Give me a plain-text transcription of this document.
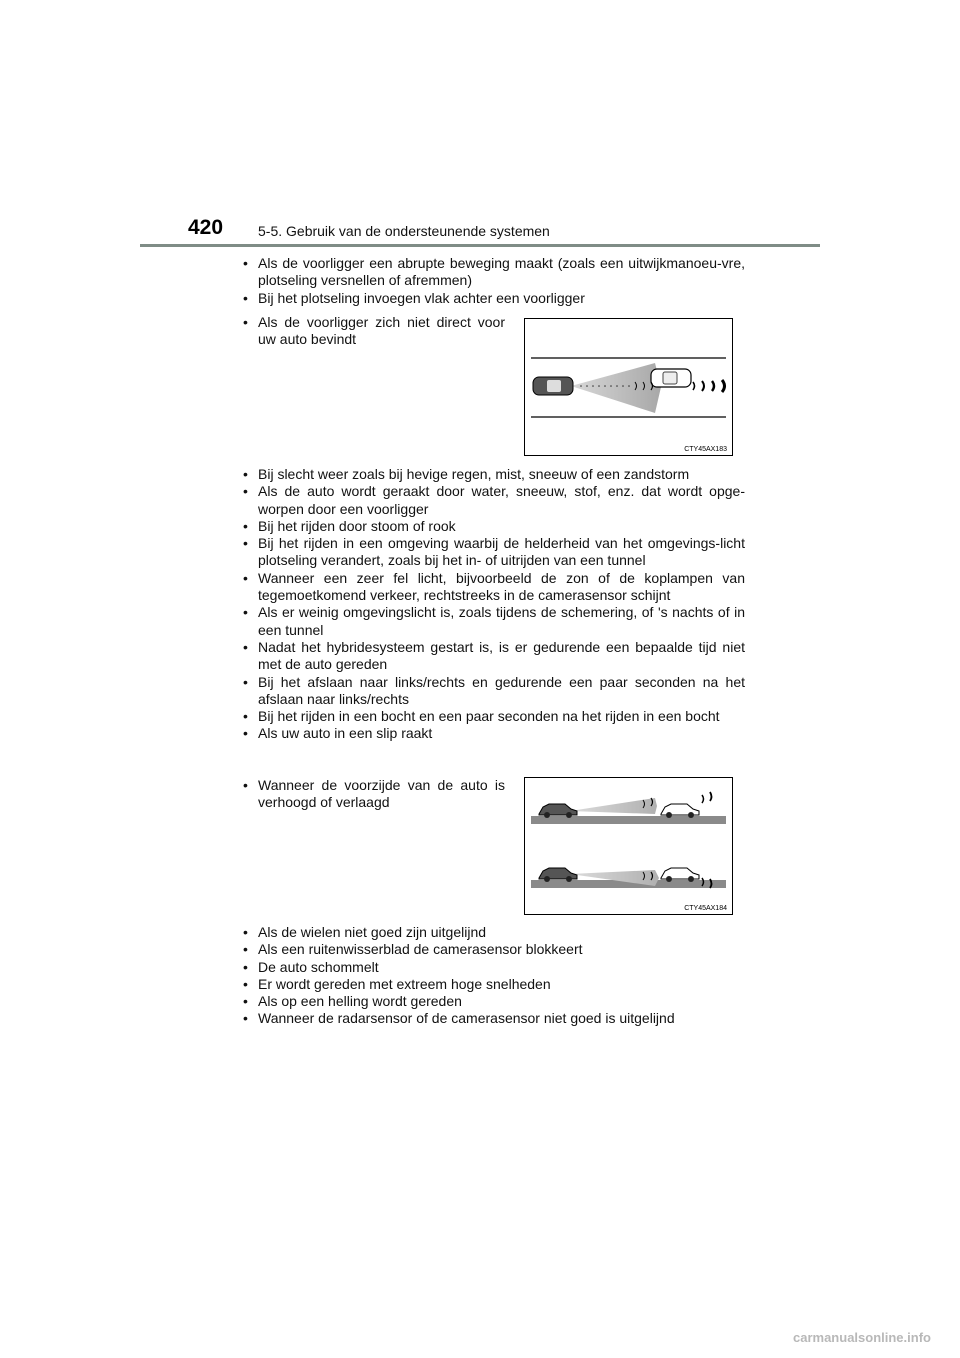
420 5-5. Gebruik van de ondersteunende systemen
• Als de voorligger een abrupte beweging maakt (zoals een uitwijkmanoeu-vre, plotseling versnellen of afremmen)
• Bij het plotseling invoegen vlak achter een voorligger
• Als de voorligger zich niet direct voor uw auto bevindt
CTY45AX183
• Bij slecht weer zoals bij hevige regen, mist, sneeuw of een zandstorm
• Als de auto wordt geraakt door water, sneeuw, stof, enz. dat wordt opge-worpen door een voorligger
• Bij het rijden door stoom of rook
• Bij het rijden in een omgeving waarbij de helderheid van het omgevings-licht plotseling verandert, zoals bij het in- of uitrijden van een tunnel
• Wanneer een zeer fel licht, bijvoorbeeld de zon of de koplampen van tegemoetkomend verkeer, rechtstreeks in de camerasensor schijnt
• Als er weinig omgevingslicht is, zoals tijdens de schemering, of 's nachts of in een tunnel
• Nadat het hybridesysteem gestart is, is er gedurende een bepaalde tijd niet met de auto gereden
• Bij het afslaan naar links/rechts en gedurende een paar seconden na het afslaan naar links/rechts
• Bij het rijden in een bocht en een paar seconden na het rijden in een bocht
• Als uw auto in een slip raakt
• Wanneer de voorzijde van de auto is verhoogd of verlaagd
CTY45AX184
• Als de wielen niet goed zijn uitgelijnd
• Als een ruitenwisserblad de camerasensor blokkeert
• De auto schommelt
• Er wordt gereden met extreem hoge snelheden
• Als op een helling wordt gereden
• Wanneer de radarsensor of de camerasensor niet goed is uitgelijnd
carmanualsonline.info
